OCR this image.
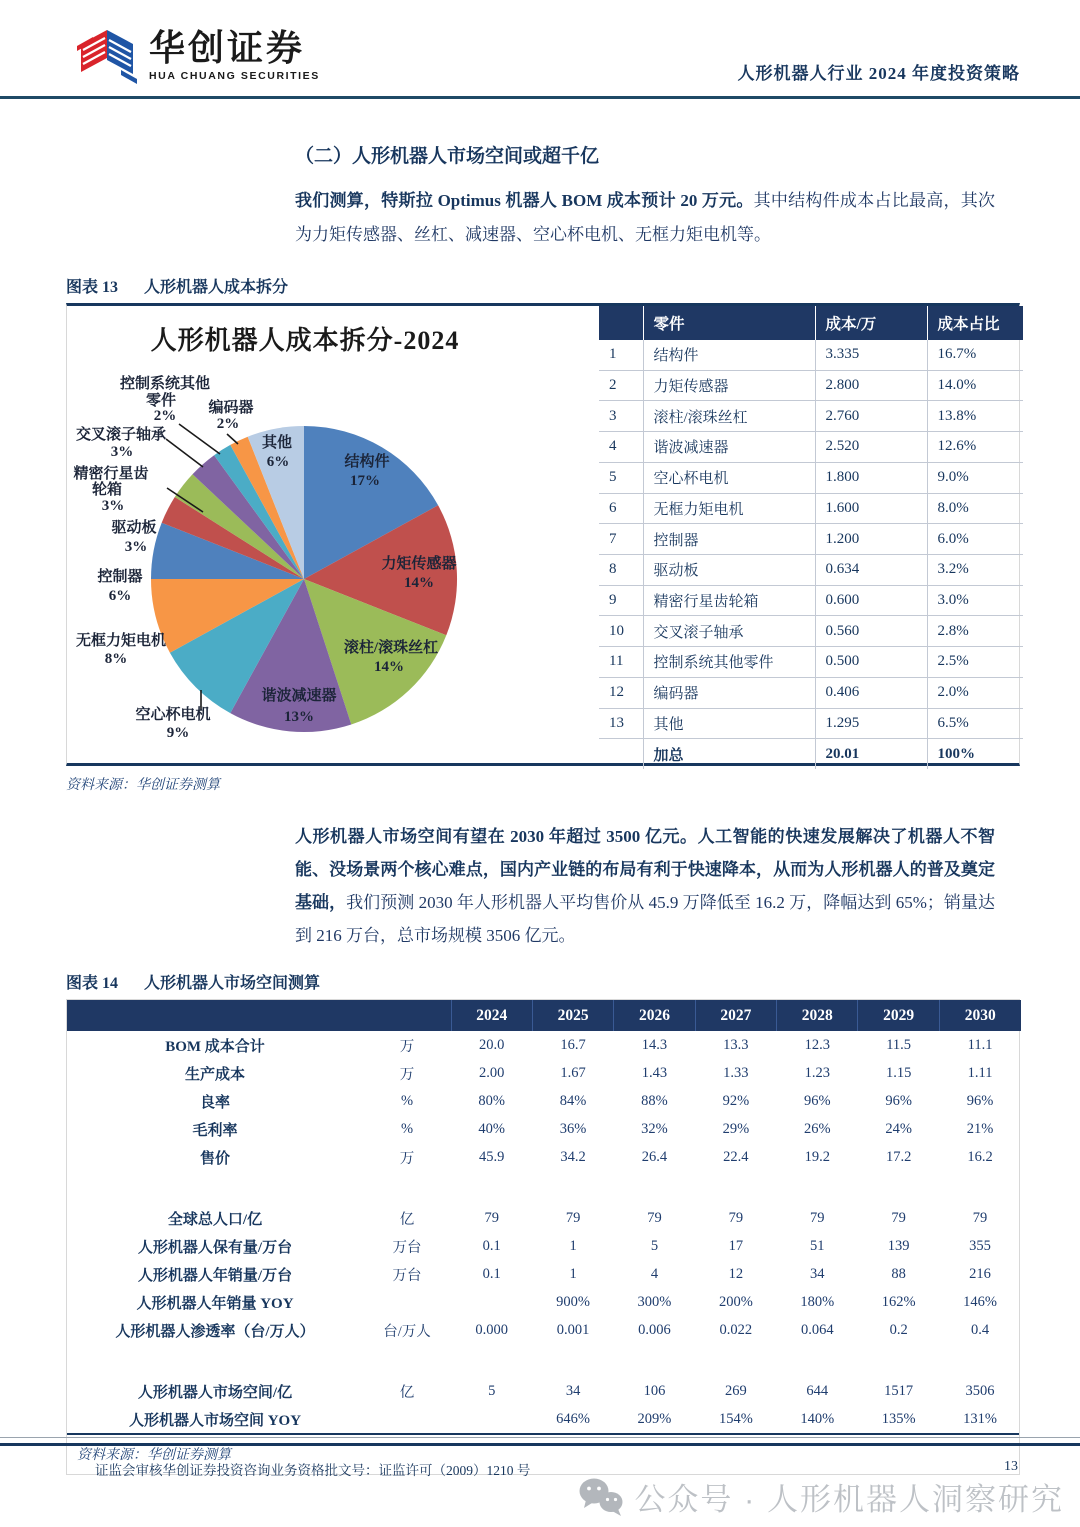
华创证券
HUA CHUANG SECURITIES	人形机器人行业 2024 年度投资策略
（二）人形机器人市场空间或超千亿

我们测算，特斯拉 Optimus 机器人 BOM 成本预计 20 万元。其中结构件成本占比最高，其次为力矩传感器、丝杠、减速器、空心杯电机、无框力矩电机等。

图表 13 人形机器人成本拆分
人形机器人成本拆分-2024
结构件
17%
力矩传感器
14%
滚柱/滚珠丝杠
14%
谐波减速器
13%
空心杯电机
9%
无框力矩电机
8%
控制器
6%
驱动板
3%
精密行星齿
轮箱
3%
交叉滚子轴承
3%
控制系统其他
零件
2% 编码器
2%
其他
6%
	零件	成本/万	成本占比
1	结构件	3.335	16.7%
2	力矩传感器	2.800	14.0%
3	滚柱/滚珠丝杠	2.760	13.8%
4	谐波减速器	2.520	12.6%
5	空心杯电机	1.800	9.0%
6	无框力矩电机	1.600	8.0%
7	控制器	1.200	6.0%
8	驱动板	0.634	3.2%
9	精密行星齿轮箱	0.600	3.0%
10	交叉滚子轴承	0.560	2.8%
11	控制系统其他零件	0.500	2.5%
12	编码器	0.406	2.0%
13	其他	1.295	6.5%
	加总	20.01	100%
资料来源：华创证券测算

人形机器人市场空间有望在 2030 年超过 3500 亿元。人工智能的快速发展解决了机器人不智能、没场景两个核心难点，国内产业链的布局有利于快速降本，从而为人形机器人的普及奠定基础，我们预测 2030 年人形机器人平均售价从 45.9 万降低至 16.2 万，降幅达到 65%；销量达到 216 万台，总市场规模 3506 亿元。

图表 14 人形机器人市场空间测算
		2024	2025	2026	2027	2028	2029	2030
BOM 成本合计	万	20.0	16.7	14.3	13.3	12.3	11.5	11.1
生产成本	万	2.00	1.67	1.43	1.33	1.23	1.15	1.11
良率	%	80%	84%	88%	92%	96%	96%	96%
毛利率	%	40%	36%	32%	29%	26%	24%	21%
售价	万	45.9	34.2	26.4	22.4	19.2	17.2	16.2

全球总人口/亿	亿	79	79	79	79	79	79	79
人形机器人保有量/万台	万台	0.1	1	5	17	51	139	355
人形机器人年销量/万台	万台	0.1	1	4	12	34	88	216
人形机器人年销量 YOY			900%	300%	200%	180%	162%	146%
人形机器人渗透率（台/万人）	台/万人	0.000	0.001	0.006	0.022	0.064	0.2	0.4

人形机器人市场空间/亿	亿	5	34	106	269	644	1517	3506
人形机器人市场空间 YOY			646%	209%	154%	140%	135%	131%
资料来源：华创证券测算
证监会审核华创证券投资咨询业务资格批文号：证监许可（2009）1210 号	13
公众号 · 人形机器人洞察研究
